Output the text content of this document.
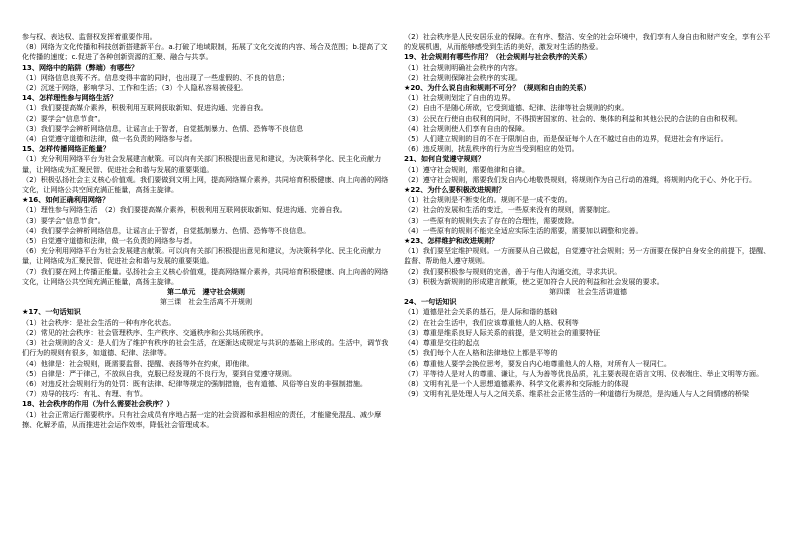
参与权、表达权、监督权发挥着重要作用。

（8）网络为文化传播和科技创新搭建新平台。a.打破了地域限制，拓展了文化交流的内容、场合及范围；b.提高了文化传播的速度；c.促进了各种创新资源的汇聚、融合与共享。

13、网络中的陷阱（弊端）有哪些？

（1）网络信息良莠不齐。信息变得丰富的同时，也出现了一些虚假的、不良的信息；

（2）沉迷于网络，影响学习、工作和生活；（3）个人隐私容易被侵犯。

14、怎样理性参与网络生活？

（1）我们要提高媒介素养，积极利用互联网获取新知、促进沟通、完善自我。

（2）要学会“信息节食”。

（3）我们要学会辨析网络信息，让谣言止于智者，自觉抵制暴力、色情、恐怖等不良信息

（4）自觉遵守道德和法律，做一名负责的网络参与者。

15、怎样传播网络正能量？

（1）充分利用网络平台为社会发展建言献策。可以向有关部门积极提出意见和建议，为决策科学化、民主化贡献力量，让网络成为汇聚民智、促进社会和谐与发展的重要渠道。

（2）积极弘扬社会主义核心价值观。我们要做到文明上网，提高网络媒介素养，共同培育积极健康、向上向善的网络文化，让网络公共空间充满正能量，高扬主旋律。

★16、如何正确利用网络？

（1）理性参与网络生活　（2）我们要提高媒介素养，积极利用互联网获取新知、促进沟通、完善自我。

（3）要学会“信息节食”。

（4）我们要学会辨析网络信息，让谣言止于智者，自觉抵制暴力、色情、恐怖等不良信息。

（5）自觉遵守道德和法律，做一名负责的网络参与者。

（6）充分利用网络平台为社会发展建言献策。可以向有关部门积极提出意见和建议，为决策科学化、民主化贡献力量，让网络成为汇聚民智、促进社会和谐与发展的重要渠道。

（7）我们要在网上传播正能量。弘扬社会主义核心价值观，提高网络媒介素养，共同培育积极健康、向上向善的网络文化，让网络公共空间充满正能量，高扬主旋律。

第二单元　遵守社会规则

第三课　社会生活离不开规则

★17、一句话知识

（1）社会秩序：是社会生活的一种有序化状态。

（2）常见的社会秩序：社会管理秩序、生产秩序、交通秩序和公共场所秩序。

（3）社会规则的含义：是人们为了维护有秩序的社会生活，在逐渐达成规定与共识的基础上形成的。生活中，调节我们行为的规则有很多，如道德、纪律、法律等。

（4）他律是：社会规则，既需要监督、提醒、表扬等外在约束，即他律。

（5）自律是：严于律己，不放纵自我，克服已经发现的不良行为，要到自觉遵守规则。

（6）对违反社会规则行为的处罚：既有法律、纪律等规定的强制措施，也有道德、风俗等自发的非强制措施。

（7）劝导的技巧：有礼、有理、有节。

18、社会秩序的作用（为什么需要社会秩序？）

（1）社会正常运行需要秩序。只有社会成员有序地占据一定的社会资源和承担相应的责任，才能避免混乱、减少摩擦、化解矛盾，从而推进社会运作效率，降低社会管理成本。

（2）社会秩序是人民安居乐业的保障。在有序、整洁、安全的社会环境中，我们享有人身自由和财产安全，享有公平的发展机遇，从而能够感受到生活的美好，激发对生活的热爱。

19、社会规则有哪些作用？（社会规则与社会秩序的关系）

（1）社会规则明确社会秩序的内容。

（2）社会规则保障社会秩序的实现。

★20、为什么说自由和规则不可分？（规则和自由的关系）

（1）社会规则划定了自由的边界。

（2）自由不是随心所欲，它受到道德、纪律、法律等社会规则的约束。

（3）公民在行使自由权利的同时，不得损害国家的、社会的、集体的利益和其他公民的合法的自由和权利。

（4）社会规则使人们享有自由的保障。

（5）人们建立规则的目的不在于限制自由，而是保证每个人在不越过自由的边界，促进社会有序运行。

（6）违反规则，扰乱秩序的行为应当受到相应的处罚。

21、如何自觉遵守规则？

（1）遵守社会规则，需要他律和自律。

（2）遵守社会规则，需要我们发自内心地敬畏规则，将规则作为自己行动的准绳，将规则内化于心、外化于行。

★22、为什么要积极改进规则？

（1）社会规则是不断变化的。规则不是一成不变的。

（2）社会的发展和生活的变迁，一些原来没有的规则，需要制定。

（3）一些原有的规则失去了存在的合理性，需要废除。

（4）一些原有的规则不能完全适应实际生活的需要，需要加以调整和完善。

★23、怎样维护和改进规则？

（1）我们要坚定维护规则。一方面要从自己做起，自觉遵守社会规则；另一方面要在保护自身安全的前提下，提醒、监督、帮助他人遵守规则。

（2）我们要积极参与规则的完善，善于与他人沟通交流，寻求共识。

（3）积极为新规则的形成建言献策，使之更加符合人民的利益和社会发展的要求。

第四课　社会生活讲道德

24、一句话知识

（1）道德是社会关系的基石，是人际和谐的基础

（2）在社会生活中，我们应该尊重他人的人格、权利等

（3）尊重是维系良好人际关系的前提，是文明社会的重要特征

（4）尊重是交往的起点

（5）我们每个人在人格和法律地位上都是平等的

（6）尊重他人要学会换位思考，要发自内心地尊重他人的人格，对所有人一视同仁。

（7）平等待人是对人的尊重、谦让，与人为善等优良品质，礼主要表现在语言文明、仪表端庄、举止文明等方面。

（8）文明有礼是一个人思想道德素养、科学文化素养和交际能力的体现

（9）文明有礼是处理人与人之间关系、维系社会正常生活的一种道德行为规范，是沟通人与人之间情感的桥梁
